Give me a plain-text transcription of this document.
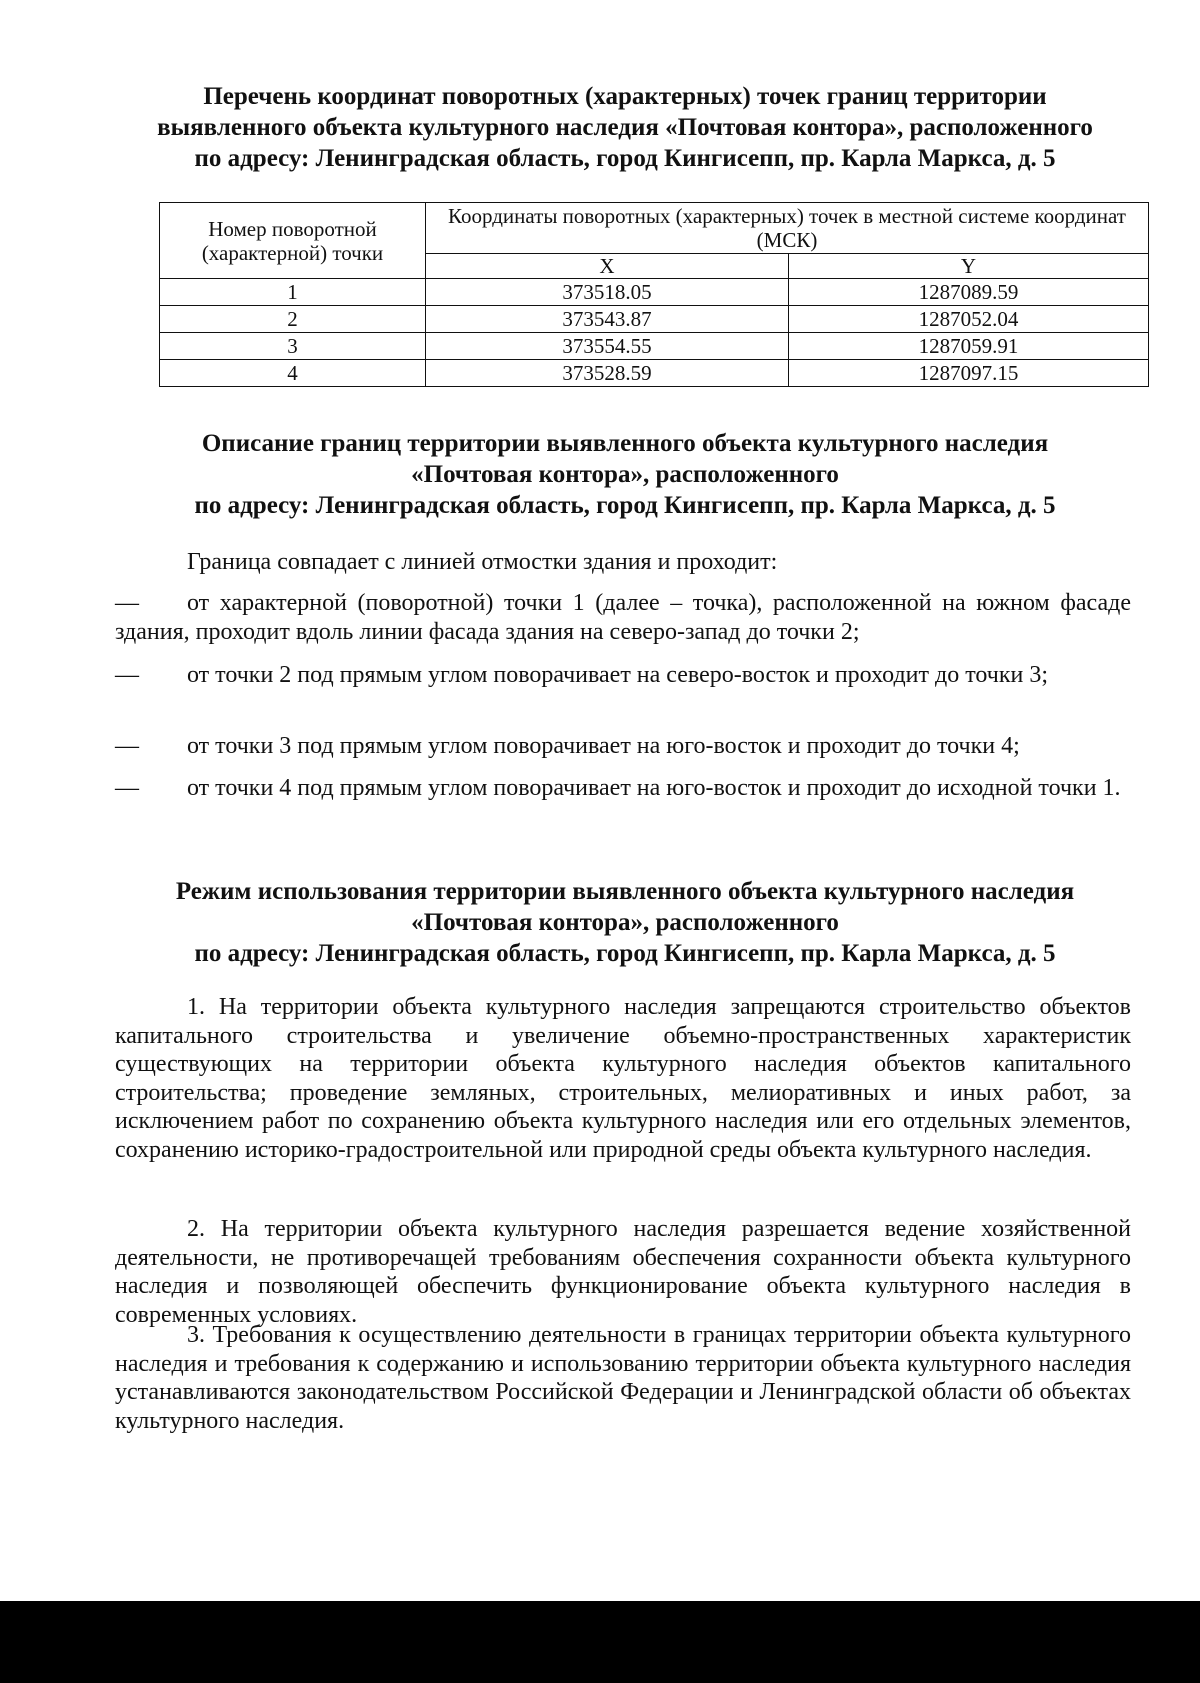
Перечень координат поворотных (характерных) точек границ территории
выявленного объекта культурного наследия «Почтовая контора», расположенного
по адресу: Ленинградская область, город Кингисепп, пр. Карла Маркса, д. 5
Номер поворотной (характерной) точки	Координаты поворотных (характерных) точек в местной системе координат (МСК)	
	X	Y
1	373518.05	1287089.59
2	373543.87	1287052.04
3	373554.55	1287059.91
4	373528.59	1287097.15
Описание границ территории выявленного объекта культурного наследия
«Почтовая контора», расположенного
по адресу: Ленинградская область, город Кингисепп, пр. Карла Маркса, д. 5
Граница совпадает с линией отмостки здания и проходит:
— от характерной (поворотной) точки 1 (далее – точка), расположенной на южном фасаде здания, проходит вдоль линии фасада здания на северо-запад до точки 2;
— от точки 2 под прямым углом поворачивает на северо-восток и проходит до точки 3;
— от точки 3 под прямым углом поворачивает на юго-восток и проходит до точки 4;
— от точки 4 под прямым углом поворачивает на юго-восток и проходит до исходной точки 1.
Режим использования территории выявленного объекта культурного наследия
«Почтовая контора», расположенного
по адресу: Ленинградская область, город Кингисепп, пр. Карла Маркса, д. 5
1. На территории объекта культурного наследия запрещаются строительство объектов капитального строительства и увеличение объемно-пространственных характеристик существующих на территории объекта культурного наследия объектов капитального строительства; проведение земляных, строительных, мелиоративных и иных работ, за исключением работ по сохранению объекта культурного наследия или его отдельных элементов, сохранению историко-градостроительной или природной среды объекта культурного наследия.
2. На территории объекта культурного наследия разрешается ведение хозяйственной деятельности, не противоречащей требованиям обеспечения сохранности объекта культурного наследия и позволяющей обеспечить функционирование объекта культурного наследия в современных условиях.
3. Требования к осуществлению деятельности в границах территории объекта культурного наследия и требования к содержанию и использованию территории объекта культурного наследия устанавливаются законодательством Российской Федерации и Ленинградской области об объектах культурного наследия.
